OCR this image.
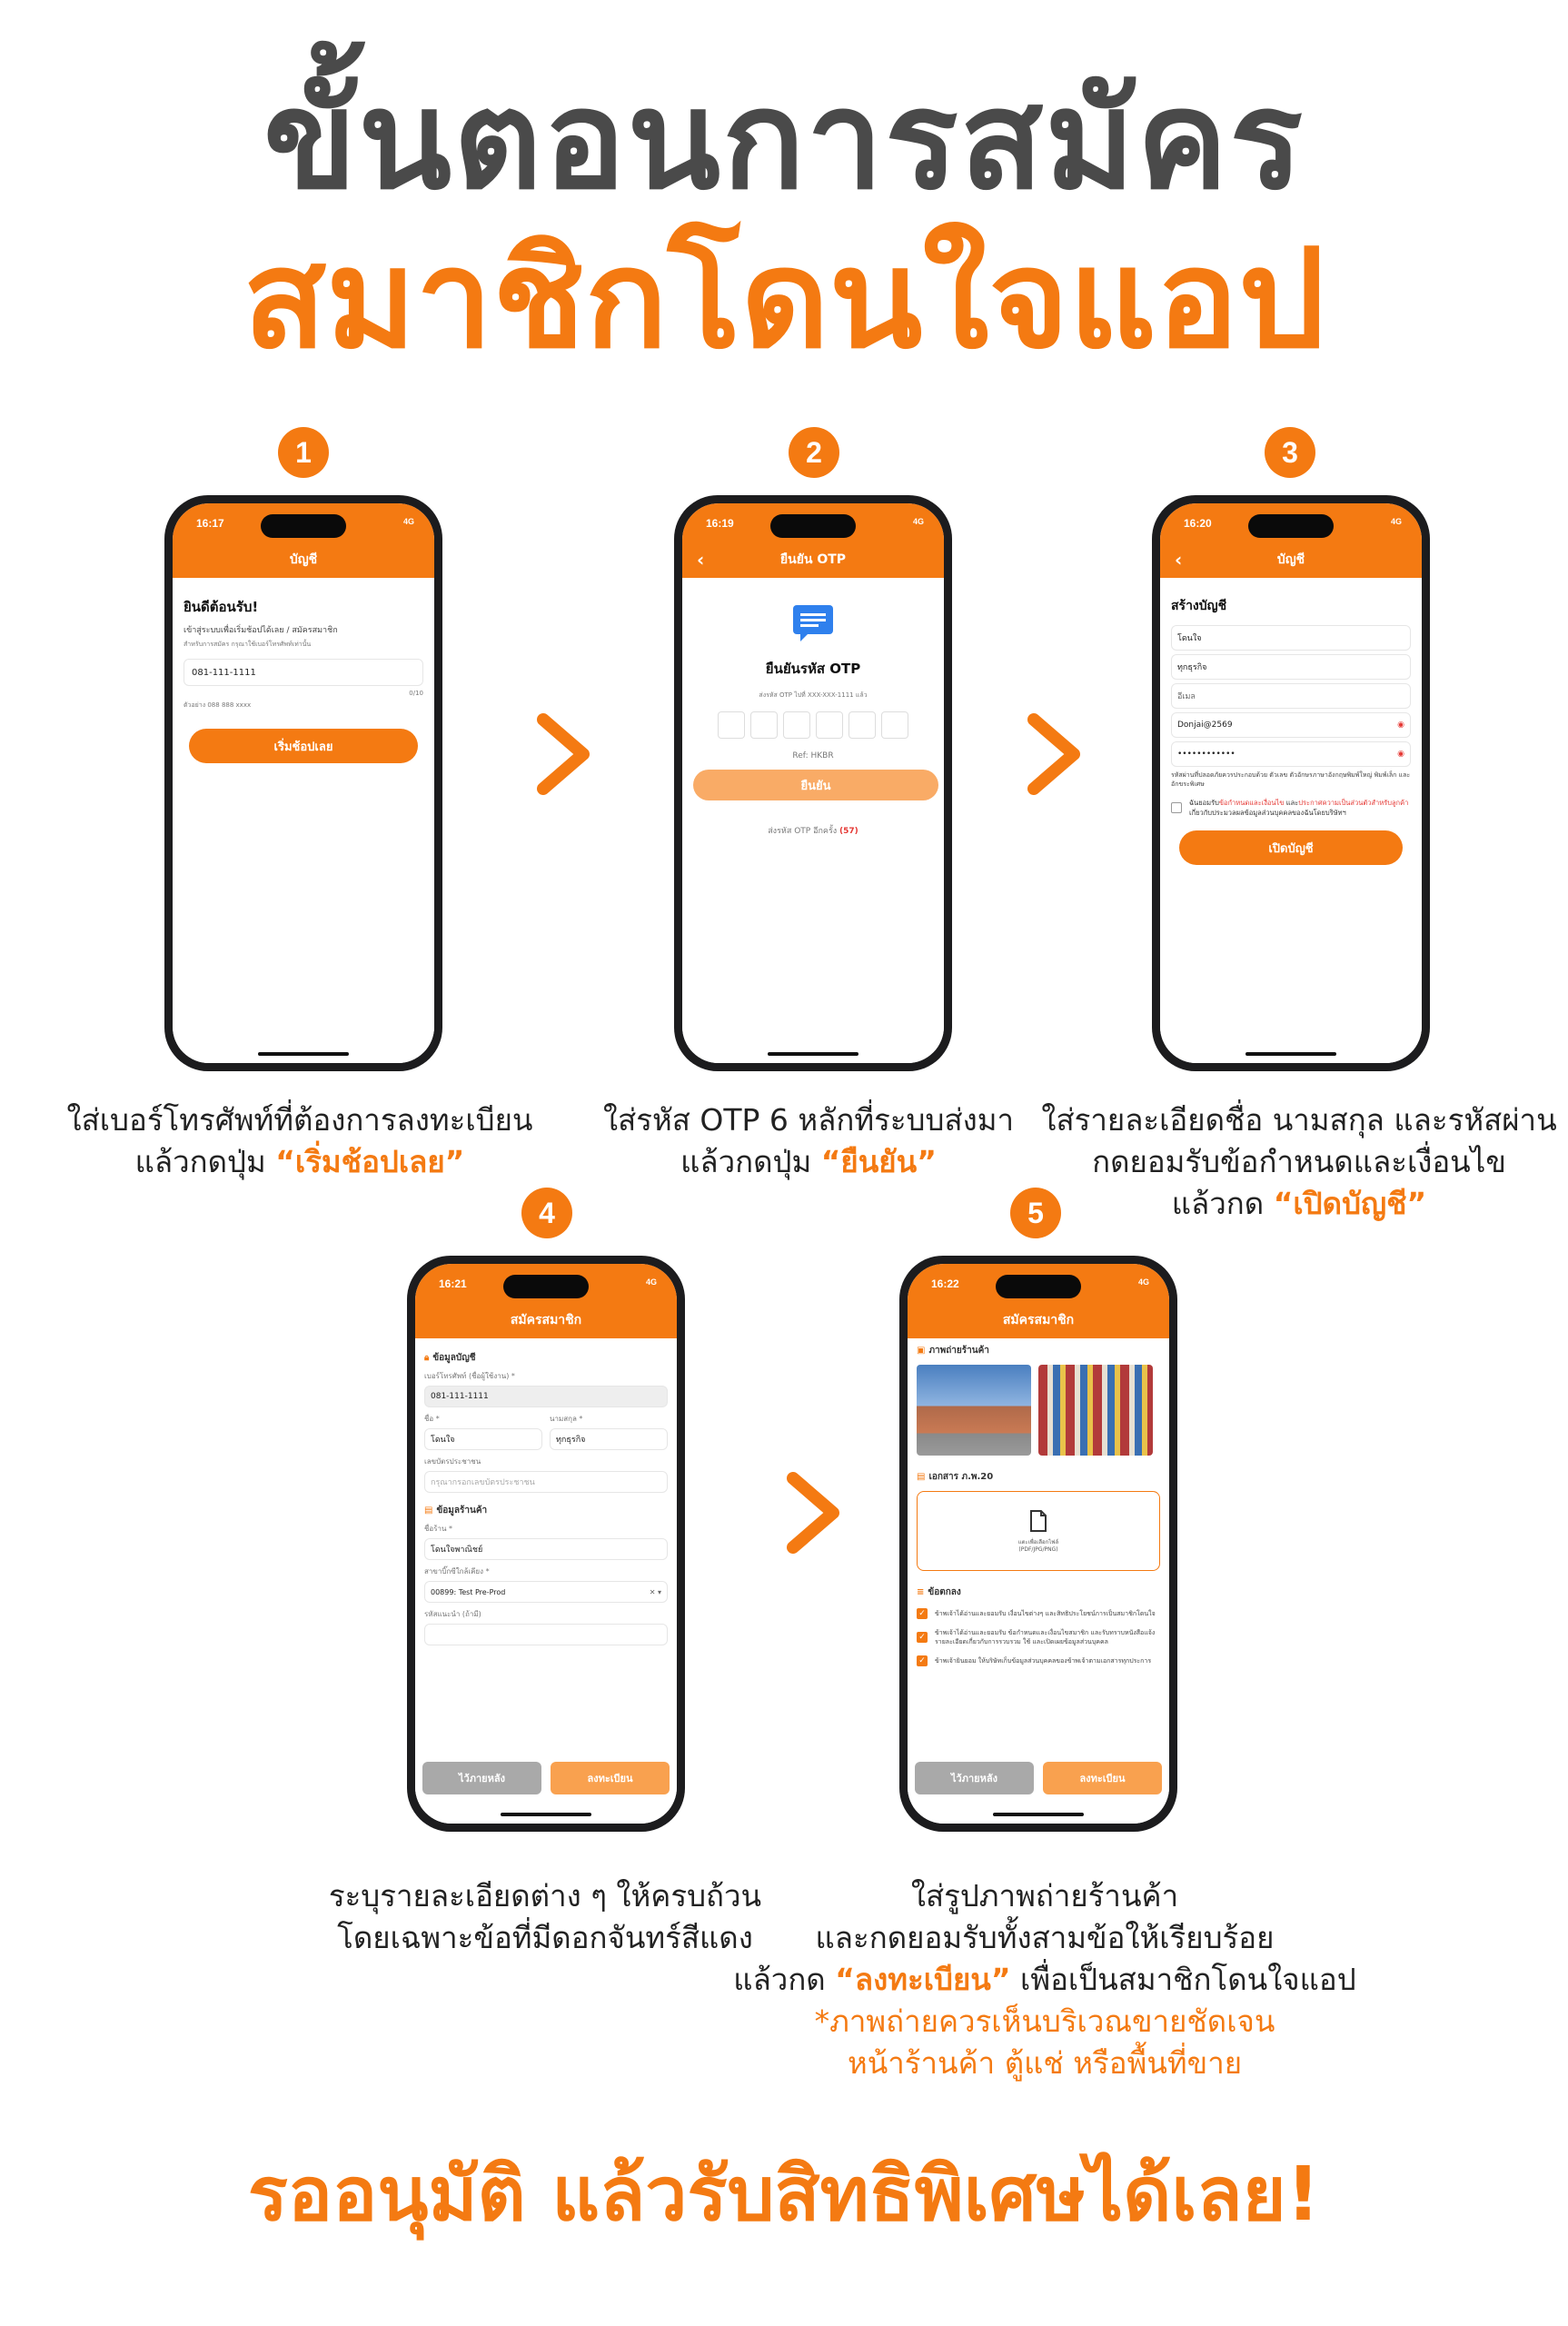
ขั้นตอนการสมัคร
สมาชิกโดนใจแอป
1	2	3
4	5
16:17	4G
บัญชี
ยินดีต้อนรับ!
เข้าสู่ระบบเพื่อเริ่มช้อปได้เลย / สมัครสมาชิก
สำหรับการสมัคร กรุณาใช้เบอร์โทรศัพท์เท่านั้น
081-111-1111
0/10
ตัวอย่าง 088 888 xxxx
เริ่มช้อปเลย
16:19	4G
‹	ยืนยัน OTP
ยืนยันรหัส OTP
ส่งรหัส OTP ไปที่ XXX-XXX-1111 แล้ว
Ref: HKBR
ยืนยัน
ส่งรหัส OTP อีกครั้ง (57)
16:20	4G
‹	บัญชี
สร้างบัญชี
โดนใจ
ทุกธุรกิจ
อีเมล
Donjai@2569	◉
••••••••••••	◉
รหัสผ่านที่ปลอดภัยควรประกอบด้วย ตัวเลข ตัวอักษรภาษาอังกฤษพิมพ์ใหญ่ พิมพ์เล็ก และอักขระพิเศษ
ฉันยอมรับข้อกำหนดและเงื่อนไข และประกาศความเป็นส่วนตัวสำหรับลูกค้าเกี่ยวกับประมวลผลข้อมูลส่วนบุคคลของฉันโดยบริษัทฯ
เปิดบัญชี
16:21	4G
สมัครสมาชิก
🔒︎ ข้อมูลบัญชี
เบอร์โทรศัพท์ (ชื่อผู้ใช้งาน) *
081-111-1111
ชื่อ *
โดนใจ
นามสกุล *
ทุกธุรกิจ
เลขบัตรประชาชน
กรุณากรอกเลขบัตรประชาชน
▤ ข้อมูลร้านค้า
ชื่อร้าน *
โดนใจพาณิชย์
สาขาบิ๊กซีใกล้เคียง *
00899: Test Pre-Prod	✕ ▾
รหัสแนะนำ (ถ้ามี)
ไว้ภายหลัง	ลงทะเบียน
16:22	4G
สมัครสมาชิก
▣ ภาพถ่ายร้านค้า
▤ เอกสาร ภ.พ.20
แตะเพื่อเลือกไฟล์
(PDF/JPG/PNG)
≡ ข้อตกลง
✓	ข้าพเจ้าได้อ่านและยอมรับ เงื่อนไขต่างๆ และสิทธิประโยชน์การเป็นสมาชิกโดนใจ
✓	ข้าพเจ้าได้อ่านและยอมรับ ข้อกำหนดและเงื่อนไขสมาชิก และรับทราบหนังสือแจ้งรายละเอียดเกี่ยวกับการรวบรวม ใช้ และเปิดเผยข้อมูลส่วนบุคคล
✓	ข้าพเจ้ายินยอม ให้บริษัทเก็บข้อมูลส่วนบุคคลของข้าพเจ้าตามเอกสารทุกประการ
ไว้ภายหลัง	ลงทะเบียน
ใส่เบอร์โทรศัพท์ที่ต้องการลงทะเบียน
แล้วกดปุ่ม “เริ่มช้อปเลย”
ใส่รหัส OTP 6 หลักที่ระบบส่งมา
แล้วกดปุ่ม “ยืนยัน”
ใส่รายละเอียดชื่อ นามสกุล และรหัสผ่าน
กดยอมรับข้อกำหนดและเงื่อนไข
แล้วกด “เปิดบัญชี”
ระบุรายละเอียดต่าง ๆ ให้ครบถ้วน
โดยเฉพาะข้อที่มีดอกจันทร์สีแดง
ใส่รูปภาพถ่ายร้านค้า
และกดยอมรับทั้งสามข้อให้เรียบร้อย
แล้วกด “ลงทะเบียน” เพื่อเป็นสมาชิกโดนใจแอป
*ภาพถ่ายควรเห็นบริเวณขายชัดเจน
หน้าร้านค้า ตู้แช่ หรือพื้นที่ขาย
รออนุมัติ แล้วรับสิทธิพิเศษได้เลย!
